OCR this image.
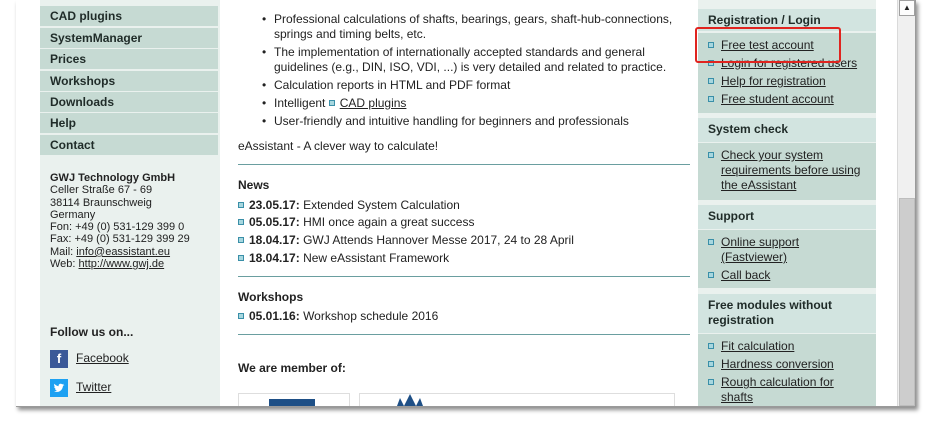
CAD plugins
SystemManager
Prices
Workshops
Downloads
Help
Contact
GWJ Technology GmbH
Celler Straße 67 - 69
38114 Braunschweig
Germany
Fon: +49 (0) 531-129 399 0
Fax: +49 (0) 531-129 399 29
Mail: info@eassistant.eu
Web: http://www.gwj.de
Follow us on...
f Facebook
Twitter
• Professional calculations of shafts, bearings, gears, shaft-hub-connections, springs and timing belts, etc.
• The implementation of internationally accepted standards and general guidelines (e.g., DIN, ISO, VDI, ...) is very detailed and related to practice.
• Calculation reports in HTML and PDF format
• Intelligent CAD plugins
• User-friendly and intuitive handling for beginners and professionals
eAssistant - A clever way to calculate!
News
23.05.17: Extended System Calculation
05.05.17: HMI once again a great success
18.04.17: GWJ Attends Hannover Messe 2017, 24 to 28 April
18.04.17: New eAssistant Framework
Workshops
05.01.16: Workshop schedule 2016
We are member of:
Registration / Login
Free test account
Login for registered users
Help for registration
Free student account
System check
Check your system requirements before using the eAssistant
Support
Online support (Fastviewer)
Call back
Free modules without registration
Fit calculation
Hardness conversion
Rough calculation for shafts
▲
